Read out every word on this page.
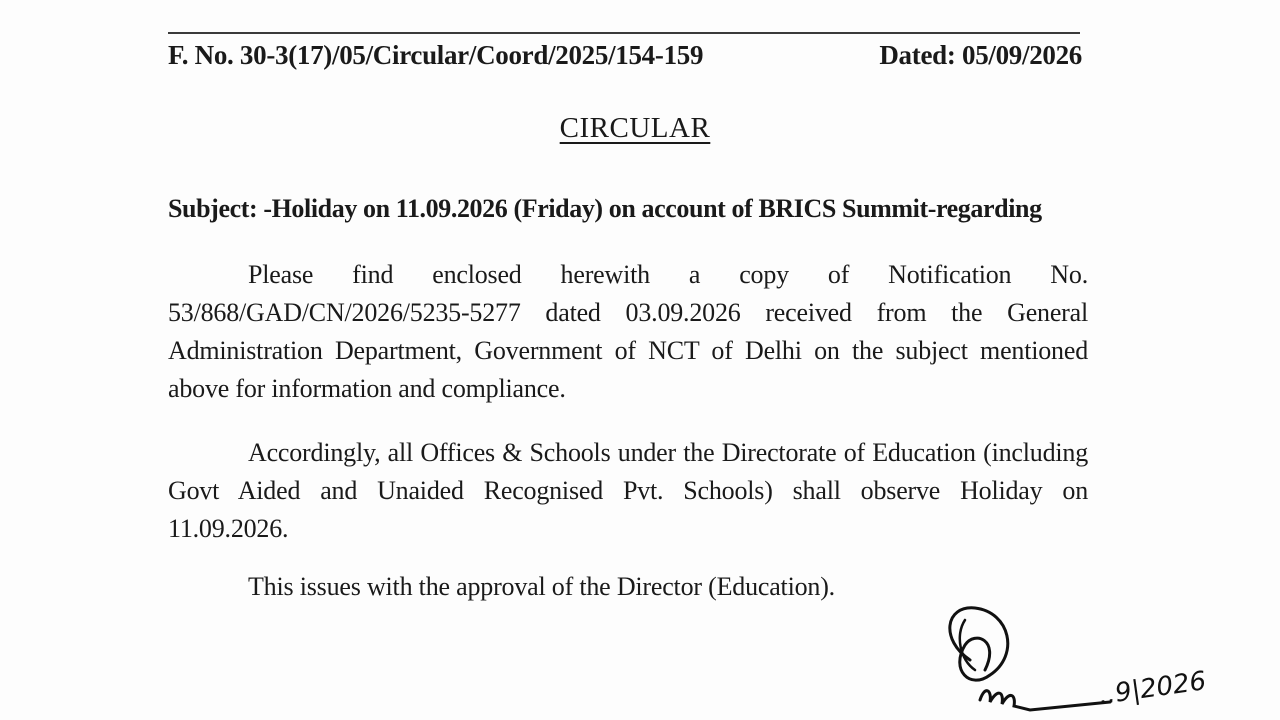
F. No. 30-3(17)/05/Circular/Coord/2025/154-159	Dated: 05/09/2026
CIRCULAR
Subject: -Holiday on 11.09.2026 (Friday) on account of BRICS Summit-regarding
Please find enclosed herewith a copy of Notification No.
53/868/GAD/CN/2026/5235-5277 dated 03.09.2026 received from the General
Administration Department, Government of NCT of Delhi on the subject mentioned
above for information and compliance.
Accordingly, all Offices & Schools under the Directorate of Education (including
Govt Aided and Unaided Recognised Pvt. Schools) shall observe Holiday on
11.09.2026.
This issues with the approval of the Director (Education).
..9|2026
